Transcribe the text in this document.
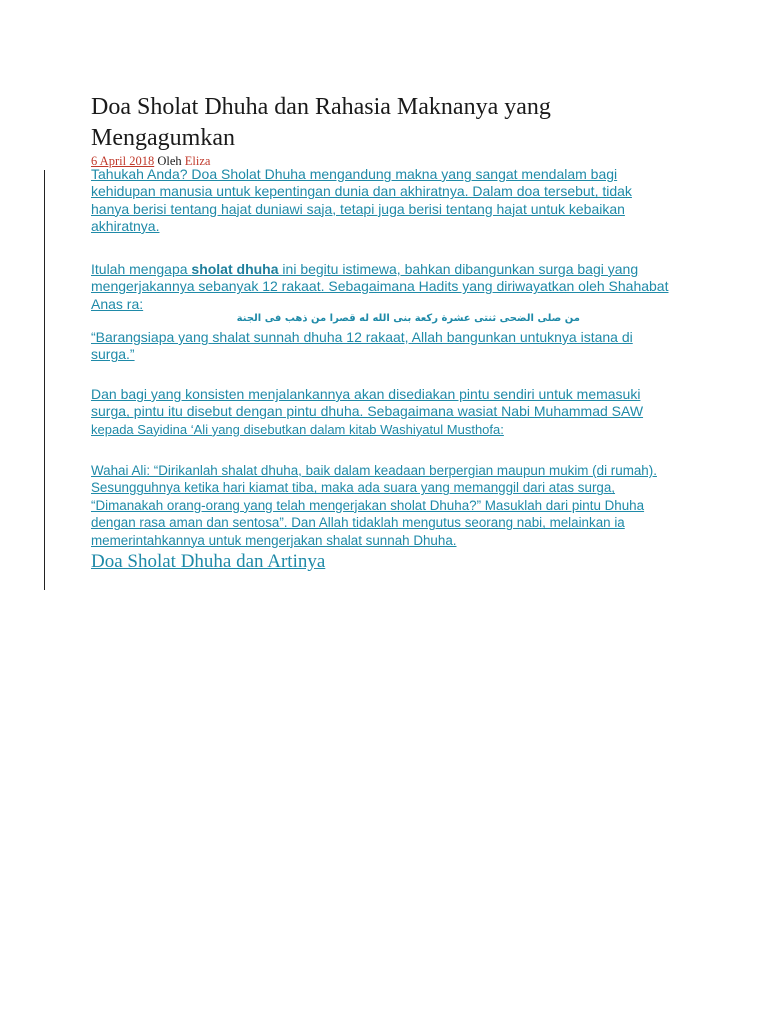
Doa Sholat Dhuha dan Rahasia Maknanya yang Mengagumkan
6 April 2018 Oleh Eliza

Tahukah Anda? Doa Sholat Dhuha mengandung makna yang sangat mendalam bagi kehidupan manusia untuk kepentingan dunia dan akhiratnya. Dalam doa tersebut, tidak hanya berisi tentang hajat duniawi saja, tetapi juga berisi tentang hajat untuk kebaikan akhiratnya.

Itulah mengapa sholat dhuha ini begitu istimewa, bahkan dibangunkan surga bagi yang mengerjakannya sebanyak 12 rakaat. Sebagaimana Hadits yang diriwayatkan oleh Shahabat Anas ra:

من صلى الضحى ثنتى عشرة ركعة بنى الله له قصرا من ذهب فى الجنة

“Barangsiapa yang shalat sunnah dhuha 12 rakaat, Allah bangunkan untuknya istana di surga.”

Dan bagi yang konsisten menjalankannya akan disediakan pintu sendiri untuk memasuki surga, pintu itu disebut dengan pintu dhuha. Sebagaimana wasiat Nabi Muhammad SAW kepada Sayidina ‘Ali yang disebutkan dalam kitab Washiyatul Musthofa:

Wahai Ali: “Dirikanlah shalat dhuha, baik dalam keadaan berpergian maupun mukim (di rumah). Sesungguhnya ketika hari kiamat tiba, maka ada suara yang memanggil dari atas surga, “Dimanakah orang-orang yang telah mengerjakan sholat Dhuha?” Masuklah dari pintu Dhuha dengan rasa aman dan sentosa”. Dan Allah tidaklah mengutus seorang nabi, melainkan ia memerintahkannya untuk mengerjakan shalat sunnah Dhuha.

Doa Sholat Dhuha dan Artinya
